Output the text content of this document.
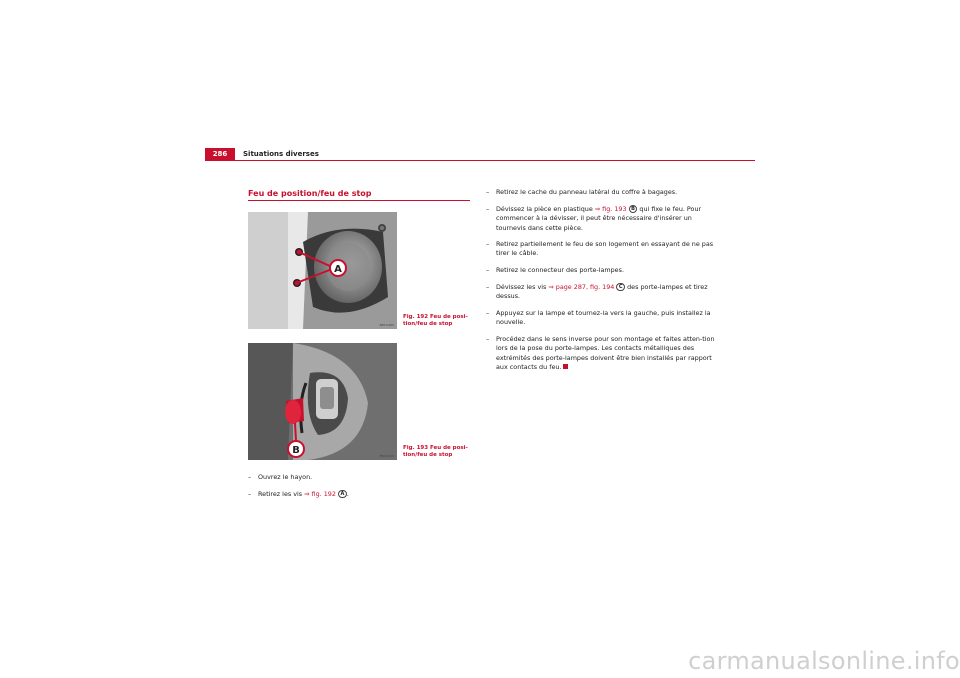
286	Situations diverses
Feu de position/feu de stop
A
B5P-0485
Fig. 192 Feu de posi-
tion/feu de stop
B	B5P-0340
Fig. 193 Feu de posi-
tion/feu de stop
– Ouvrez le hayon.
– Retirez les vis ⇒ fig. 192 A .
– Retirez le cache du panneau latéral du coffre à bagages.
– Dévissez la pièce en plastique ⇒ fig. 193 B qui fixe le feu. Pour commencer à la dévisser, il peut être nécessaire d'insérer un tournevis dans cette pièce.
– Retirez partiellement le feu de son logement en essayant de ne pas tirer le câble.
– Retirez le connecteur des porte-lampes.
– Dévissez les vis ⇒ page 287, fig. 194 C des porte-lampes et tirez dessus.
– Appuyez sur la lampe et tournez-la vers la gauche, puis installez la nouvelle.
– Procédez dans le sens inverse pour son montage et faites atten-tion lors de la pose du porte-lampes. Les contacts métalliques des extrémités des porte-lampes doivent être bien installés par rapport aux contacts du feu.
carmanualsonline.info
